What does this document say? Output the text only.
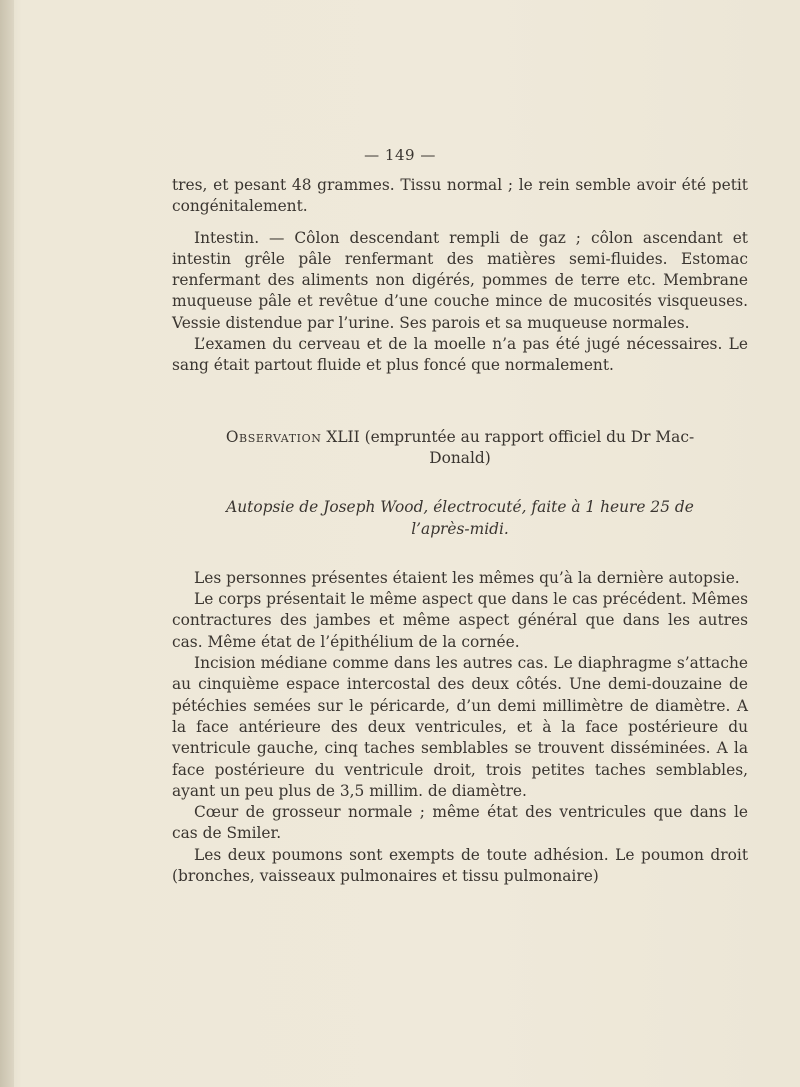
— 149 —

tres, et pesant 48 grammes. Tissu normal ; le rein semble avoir été petit congénitalement.

Intestin. — Côlon descendant rempli de gaz ; côlon ascendant et intestin grêle pâle renfermant des matières semi-fluides. Estomac renfermant des aliments non digérés, pommes de terre etc. Membrane muqueuse pâle et revêtue d’une couche mince de mucosités visqueuses. Vessie distendue par l’urine. Ses parois et sa muqueuse normales.

L’examen du cerveau et de la moelle n’a pas été jugé nécessaires. Le sang était partout fluide et plus foncé que normalement.

Observation XLII (empruntée au rapport officiel du Dr Mac-
Donald)

Autopsie de Joseph Wood, électrocuté, faite à 1 heure 25 de

l’après-midi.

Les personnes présentes étaient les mêmes qu’à la dernière autopsie.

Le corps présentait le même aspect que dans le cas précédent. Mêmes contractures des jambes et même aspect général que dans les autres cas. Même état de l’épithélium de la cornée.

Incision médiane comme dans les autres cas. Le diaphragme s’attache au cinquième espace intercostal des deux côtés. Une demi-douzaine de pétéchies semées sur le péricarde, d’un demi millimètre de diamètre. A la face antérieure des deux ventricules, et à la face postérieure du ventricule gauche, cinq taches semblables se trouvent disséminées. A la face postérieure du ventricule droit, trois petites taches semblables, ayant un peu plus de 3,5 millim. de diamètre.

Cœur de grosseur normale ; même état des ventricules que dans le cas de Smiler.

Les deux poumons sont exempts de toute adhésion. Le poumon droit (bronches, vaisseaux pulmonaires et tissu pulmonaire)
